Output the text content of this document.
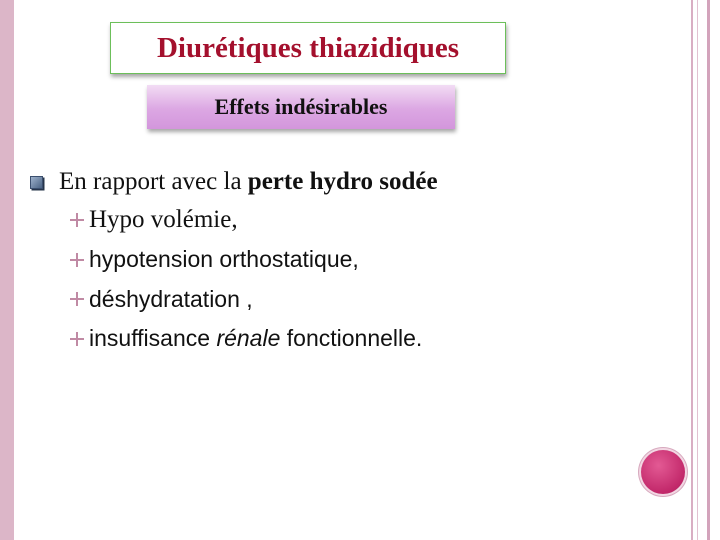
Diurétiques thiazidiques
Effets indésirables
En rapport avec la perte hydro sodée
Hypo volémie,
hypotension orthostatique,
déshydratation ,
insuffisance rénale fonctionnelle.
